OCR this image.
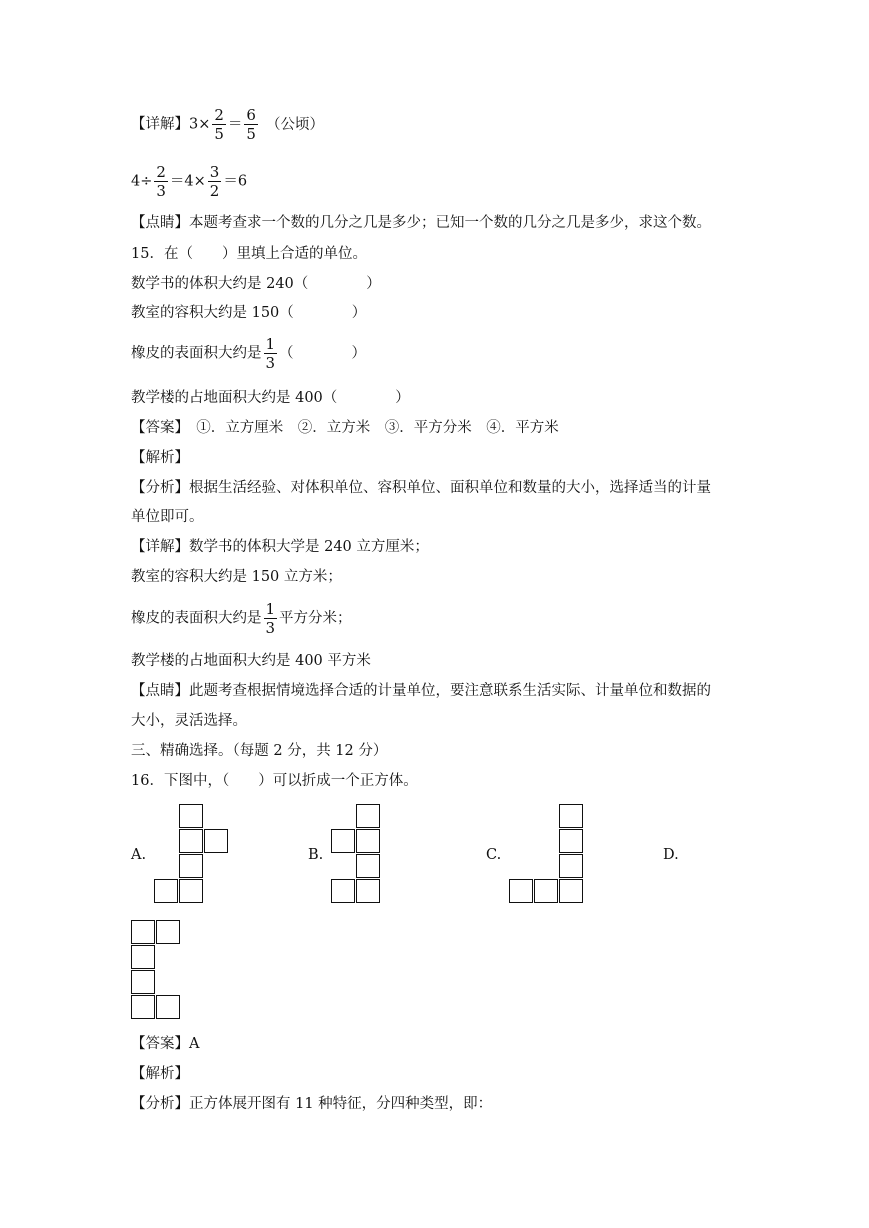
【详解】$3\times \frac{2}{5} = \frac{6}{5}$ （公顷）
$4\div \frac{2}{3} =4\times \frac{3}{2} =6$
【点睛】本题考查求一个数的几分之几是多少；已知一个数的几分之几是多少，求这个数。
15．在（　　）里填上合适的单位。
数学书的体积大约是 240（　　　　）
教室的容积大约是 150（　　　　）
橡皮的表面积大约是 $\frac{1}{3}$ （　　　　）
教学楼的占地面积大约是 400（　　　　）
【答案】　①．立方厘米　②．立方米　③．平方分米　④．平方米
【解析】
【分析】根据生活经验、对体积单位、容积单位、面积单位和数量的大小，选择适当的计量
单位即可。
【详解】数学书的体积大学是 240 立方厘米；
教室的容积大约是 150 立方米；
橡皮的表面积大约是 $\frac{1}{3}$ 平方分米；
教学楼的占地面积大约是 400 平方米
【点睛】此题考查根据情境选择合适的计量单位，要注意联系生活实际、计量单位和数据的
大小，灵活选择。
三、精确选择。（每题 2 分，共 12 分）
16．下图中，（　　）可以折成一个正方体。
A.	B.	C.	D.
【答案】A
【解析】
【分析】正方体展开图有 11 种特征，分四种类型，即：
